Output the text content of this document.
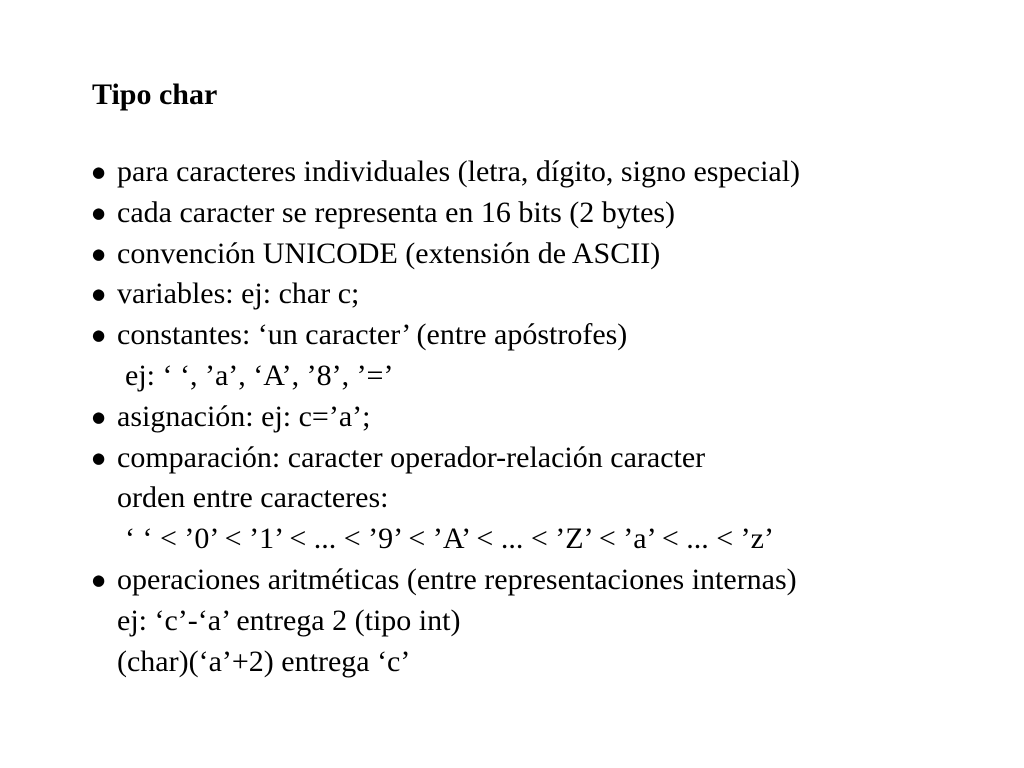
Tipo char
● para caracteres individuales (letra, dígito, signo especial)
● cada caracter se representa en 16 bits (2 bytes)
● convención UNICODE (extensión de ASCII)
● variables: ej: char c;
● constantes: ‘un caracter’ (entre apóstrofes)
ej: ‘ ‘, ’a’, ‘A’, ’8’, ’=’
● asignación: ej: c=’a’;
● comparación: caracter operador-relación caracter
orden entre caracteres:
‘ ‘ < ’0’ < ’1’ < ... < ’9’ < ’A’ < ... < ’Z’ < ’a’ < ... < ’z’
● operaciones aritméticas (entre representaciones internas)
ej: ‘c’-‘a’ entrega 2 (tipo int)
(char)(‘a’+2) entrega ‘c’
